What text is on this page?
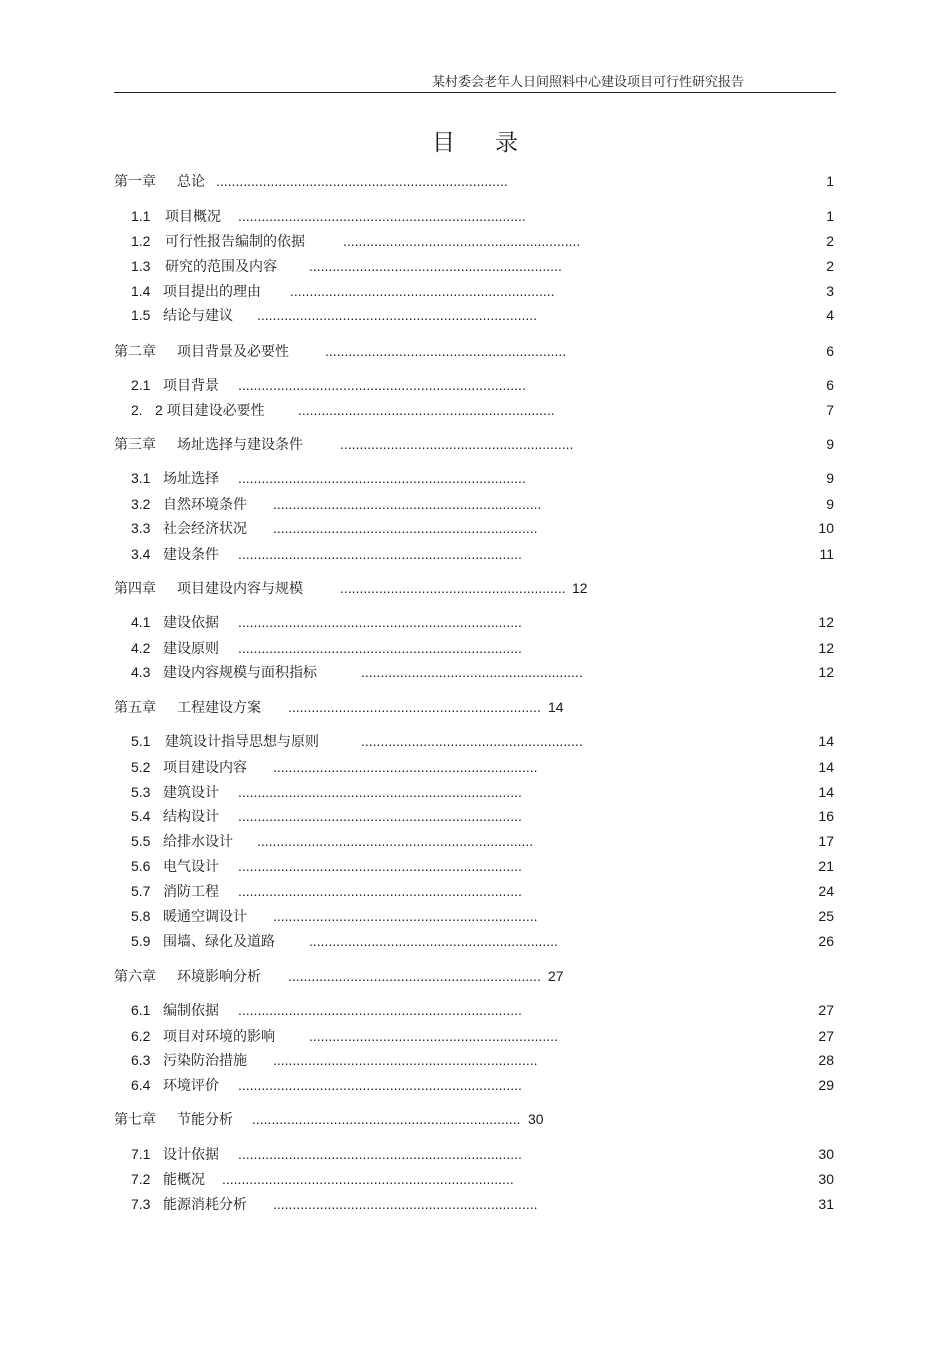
某村委会老年人日间照料中心建设项目可行性研究报告
目录
第一章 总论 ...........................................................................	1
1.1 项目概况 ..........................................................................	1
1.2 可行性报告编制的依据	.............................................................	2
1.3 研究的范围及内容 .................................................................	2
1.4 项目提出的理由 ....................................................................	3
1.5 结论与建议 ........................................................................	4
第二章 项目背景及必要性	..............................................................	6
2.1 项目背景 ..........................................................................	6
2. 2 项目建设必要性 ..................................................................	7
第三章 场址选择与建设条件	............................................................	9
3.1 场址选择 ..........................................................................	9
3.2 自然环境条件 .....................................................................	9
3.3 社会经济状况 ....................................................................	10
3.4 建设条件 .........................................................................	11
第四章 项目建设内容与规模	.......................................................... 12
4.1 建设依据 .........................................................................	12
4.2 建设原则 .........................................................................	12
4.3 建设内容规模与面积指标	.........................................................	12
第五章 工程建设方案 ................................................................. 14
5.1 建筑设计指导思想与原则	.........................................................	14
5.2 项目建设内容 ....................................................................	14
5.3 建筑设计 .........................................................................	14
5.4 结构设计 .........................................................................	16
5.5 给排水设计 .......................................................................	17
5.6 电气设计 .........................................................................	21
5.7 消防工程 .........................................................................	24
5.8 暖通空调设计 ....................................................................	25
5.9 围墙、绿化及道路 ................................................................	26
第六章 环境影响分析 ................................................................. 27
6.1 编制依据 .........................................................................	27
6.2 项目对环境的影响 ................................................................	27
6.3 污染防治措施 ....................................................................	28
6.4 环境评价 .........................................................................	29
第七章 节能分析 ..................................................................... 30
7.1 设计依据 .........................................................................	30
7.2 能概况 ...........................................................................	30
7.3 能源消耗分析 ....................................................................	31
